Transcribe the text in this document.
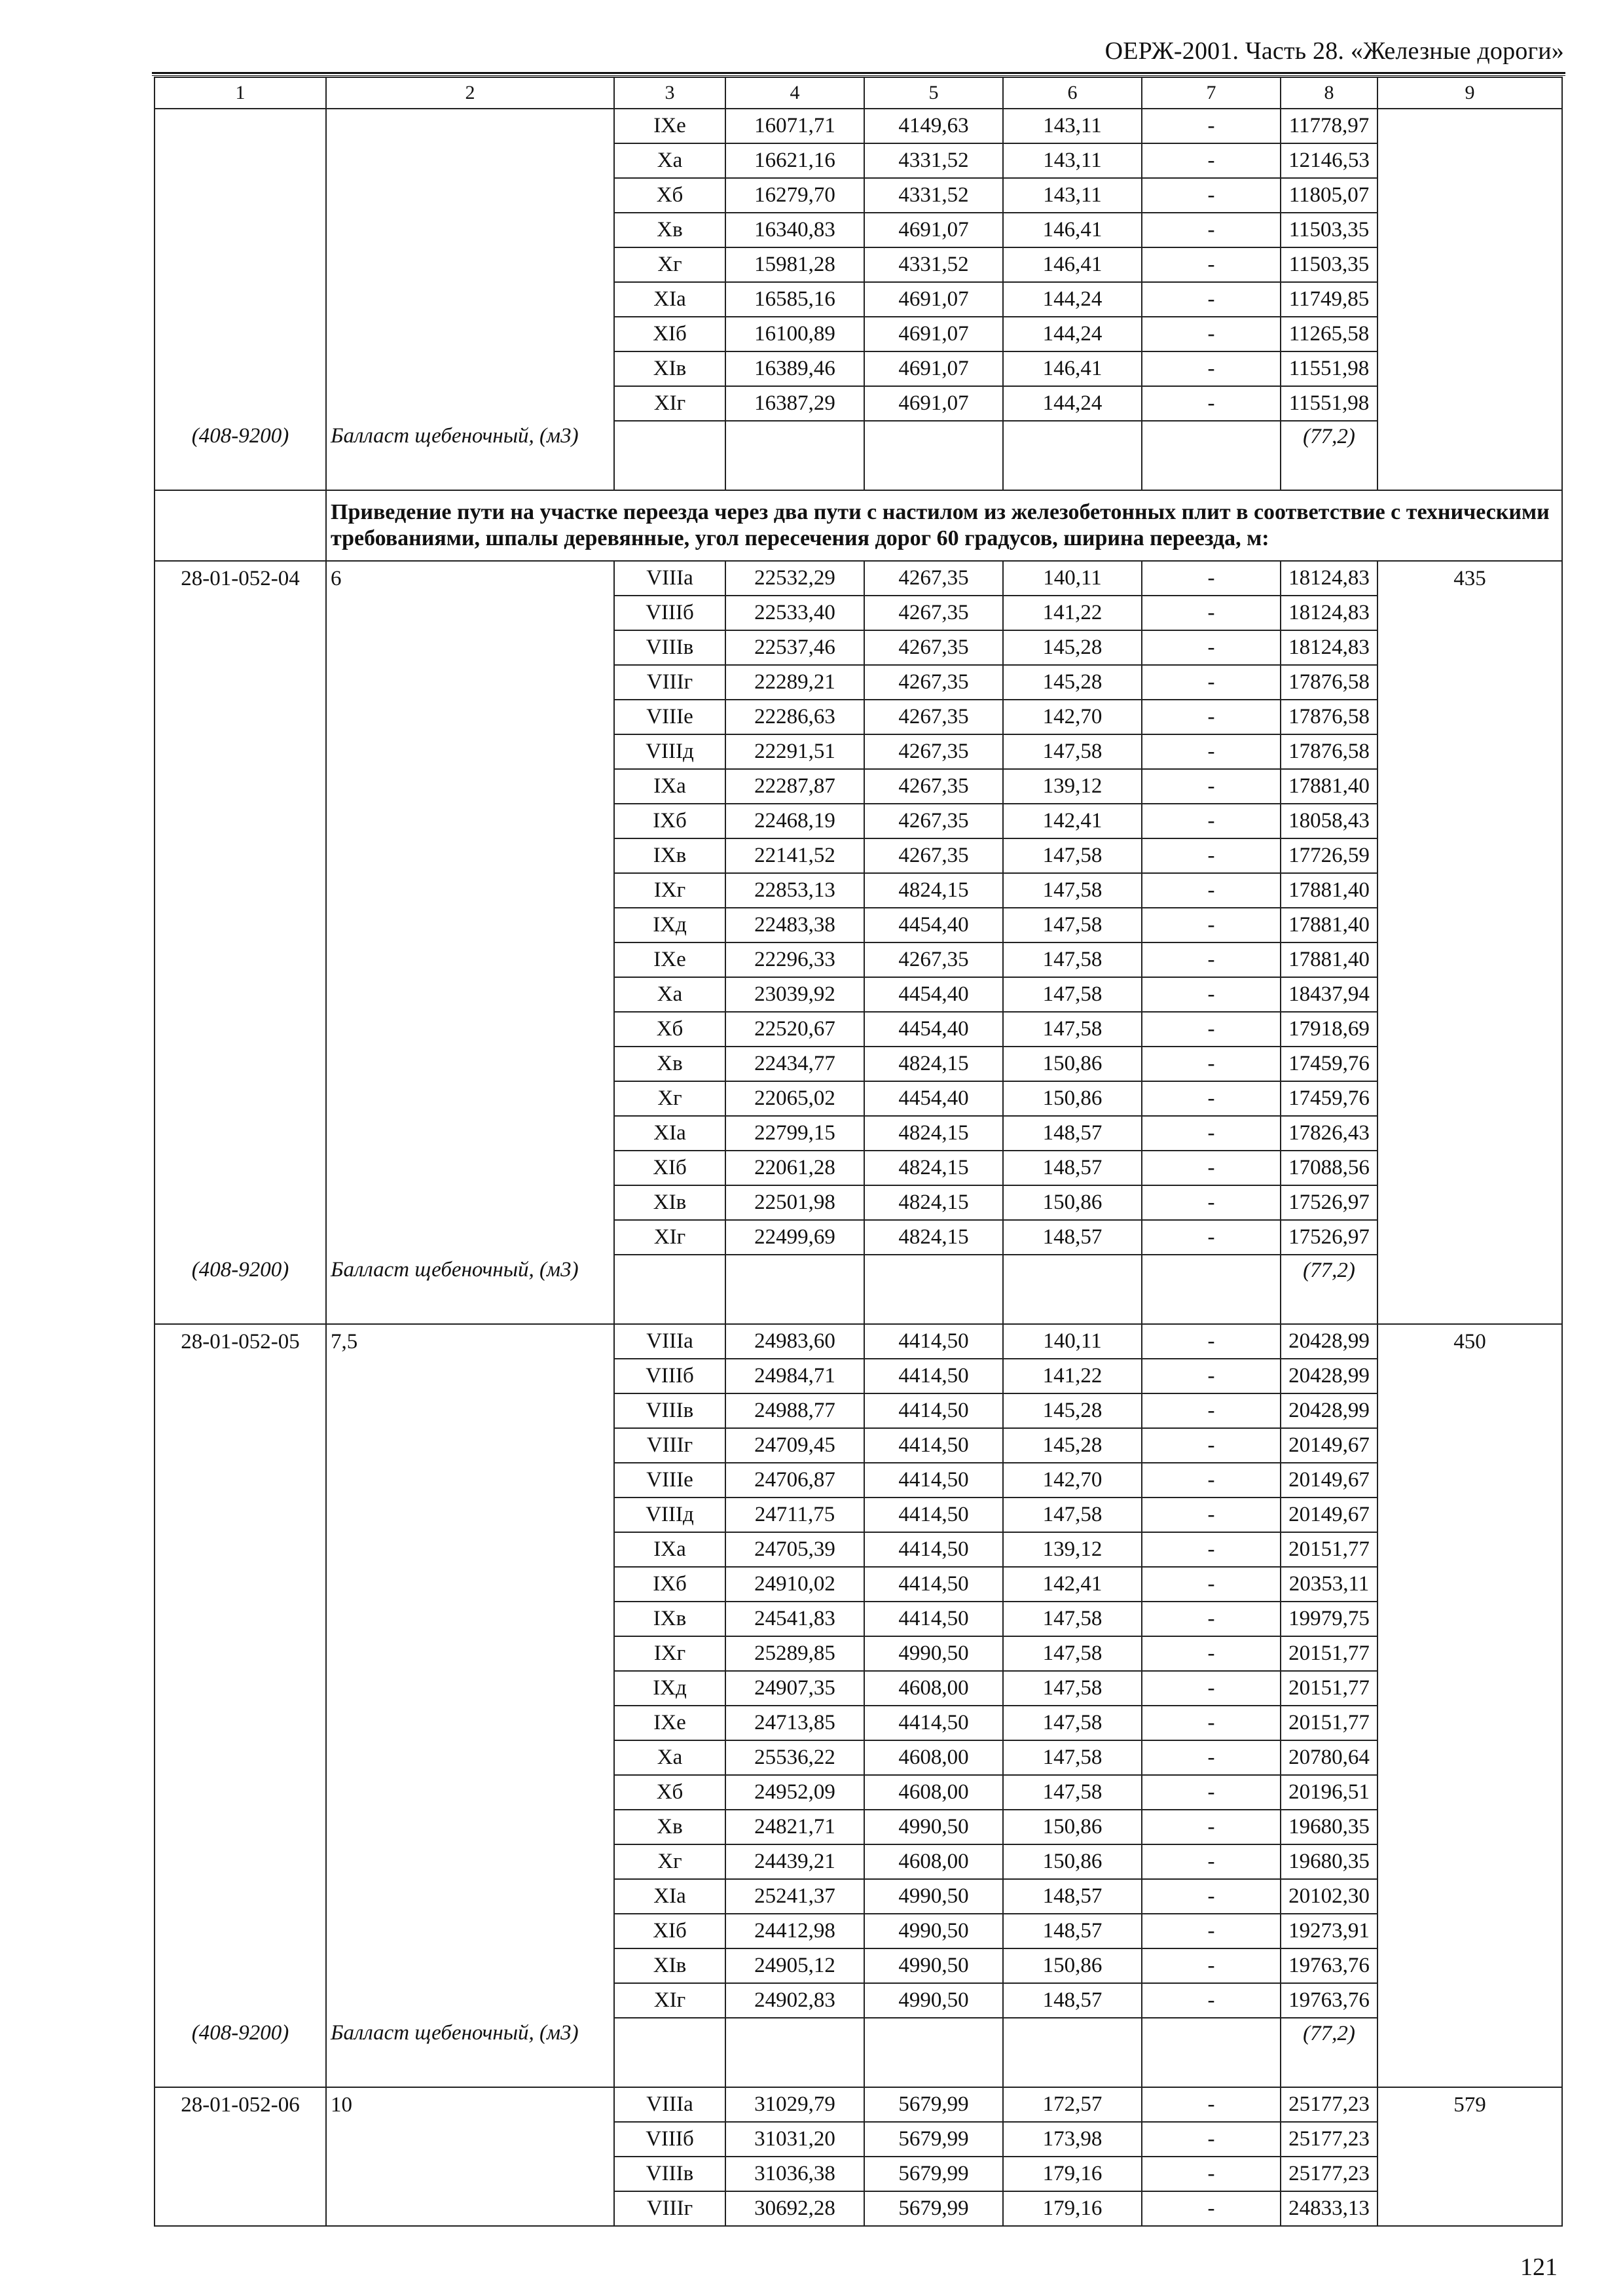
ОЕРЖ-2001. Часть 28. «Железные дороги»
1	2	3	4	5	6	7	8	9
		IXе	16071,71	4149,63	143,11	-	11778,97	
		Xа	16621,16	4331,52	143,11	-	12146,53	
		Xб	16279,70	4331,52	143,11	-	11805,07	
		Xв	16340,83	4691,07	146,41	-	11503,35	
		Xг	15981,28	4331,52	146,41	-	11503,35	
		XIа	16585,16	4691,07	144,24	-	11749,85	
		XIб	16100,89	4691,07	144,24	-	11265,58	
		XIв	16389,46	4691,07	146,41	-	11551,98	
		XIг	16387,29	4691,07	144,24	-	11551,98	
(408-9200)	Балласт щебеночный, (м3)						(77,2)	
	Приведение пути на участке переезда через два пути с настилом из железобетонных плит в соответствие с техническими требованиями, шпалы деревянные, угол пересечения дорог 60 градусов, ширина переезда, м:							
28-01-052-04	6	VIIIа	22532,29	4267,35	140,11	-	18124,83	435
		VIIIб	22533,40	4267,35	141,22	-	18124,83	
		VIIIв	22537,46	4267,35	145,28	-	18124,83	
		VIIIг	22289,21	4267,35	145,28	-	17876,58	
		VIIIе	22286,63	4267,35	142,70	-	17876,58	
		VIIIд	22291,51	4267,35	147,58	-	17876,58	
		IXа	22287,87	4267,35	139,12	-	17881,40	
		IXб	22468,19	4267,35	142,41	-	18058,43	
		IXв	22141,52	4267,35	147,58	-	17726,59	
		IXг	22853,13	4824,15	147,58	-	17881,40	
		IXд	22483,38	4454,40	147,58	-	17881,40	
		IXе	22296,33	4267,35	147,58	-	17881,40	
		Xа	23039,92	4454,40	147,58	-	18437,94	
		Xб	22520,67	4454,40	147,58	-	17918,69	
		Xв	22434,77	4824,15	150,86	-	17459,76	
		Xг	22065,02	4454,40	150,86	-	17459,76	
		XIа	22799,15	4824,15	148,57	-	17826,43	
		XIб	22061,28	4824,15	148,57	-	17088,56	
		XIв	22501,98	4824,15	150,86	-	17526,97	
		XIг	22499,69	4824,15	148,57	-	17526,97	
(408-9200)	Балласт щебеночный, (м3)						(77,2)	
28-01-052-05	7,5	VIIIа	24983,60	4414,50	140,11	-	20428,99	450
		VIIIб	24984,71	4414,50	141,22	-	20428,99	
		VIIIв	24988,77	4414,50	145,28	-	20428,99	
		VIIIг	24709,45	4414,50	145,28	-	20149,67	
		VIIIе	24706,87	4414,50	142,70	-	20149,67	
		VIIIд	24711,75	4414,50	147,58	-	20149,67	
		IXа	24705,39	4414,50	139,12	-	20151,77	
		IXб	24910,02	4414,50	142,41	-	20353,11	
		IXв	24541,83	4414,50	147,58	-	19979,75	
		IXг	25289,85	4990,50	147,58	-	20151,77	
		IXд	24907,35	4608,00	147,58	-	20151,77	
		IXе	24713,85	4414,50	147,58	-	20151,77	
		Xа	25536,22	4608,00	147,58	-	20780,64	
		Xб	24952,09	4608,00	147,58	-	20196,51	
		Xв	24821,71	4990,50	150,86	-	19680,35	
		Xг	24439,21	4608,00	150,86	-	19680,35	
		XIа	25241,37	4990,50	148,57	-	20102,30	
		XIб	24412,98	4990,50	148,57	-	19273,91	
		XIв	24905,12	4990,50	150,86	-	19763,76	
		XIг	24902,83	4990,50	148,57	-	19763,76	
(408-9200)	Балласт щебеночный, (м3)						(77,2)	
28-01-052-06	10	VIIIа	31029,79	5679,99	172,57	-	25177,23	579
		VIIIб	31031,20	5679,99	173,98	-	25177,23	
		VIIIв	31036,38	5679,99	179,16	-	25177,23	
		VIIIг	30692,28	5679,99	179,16	-	24833,13	
121
